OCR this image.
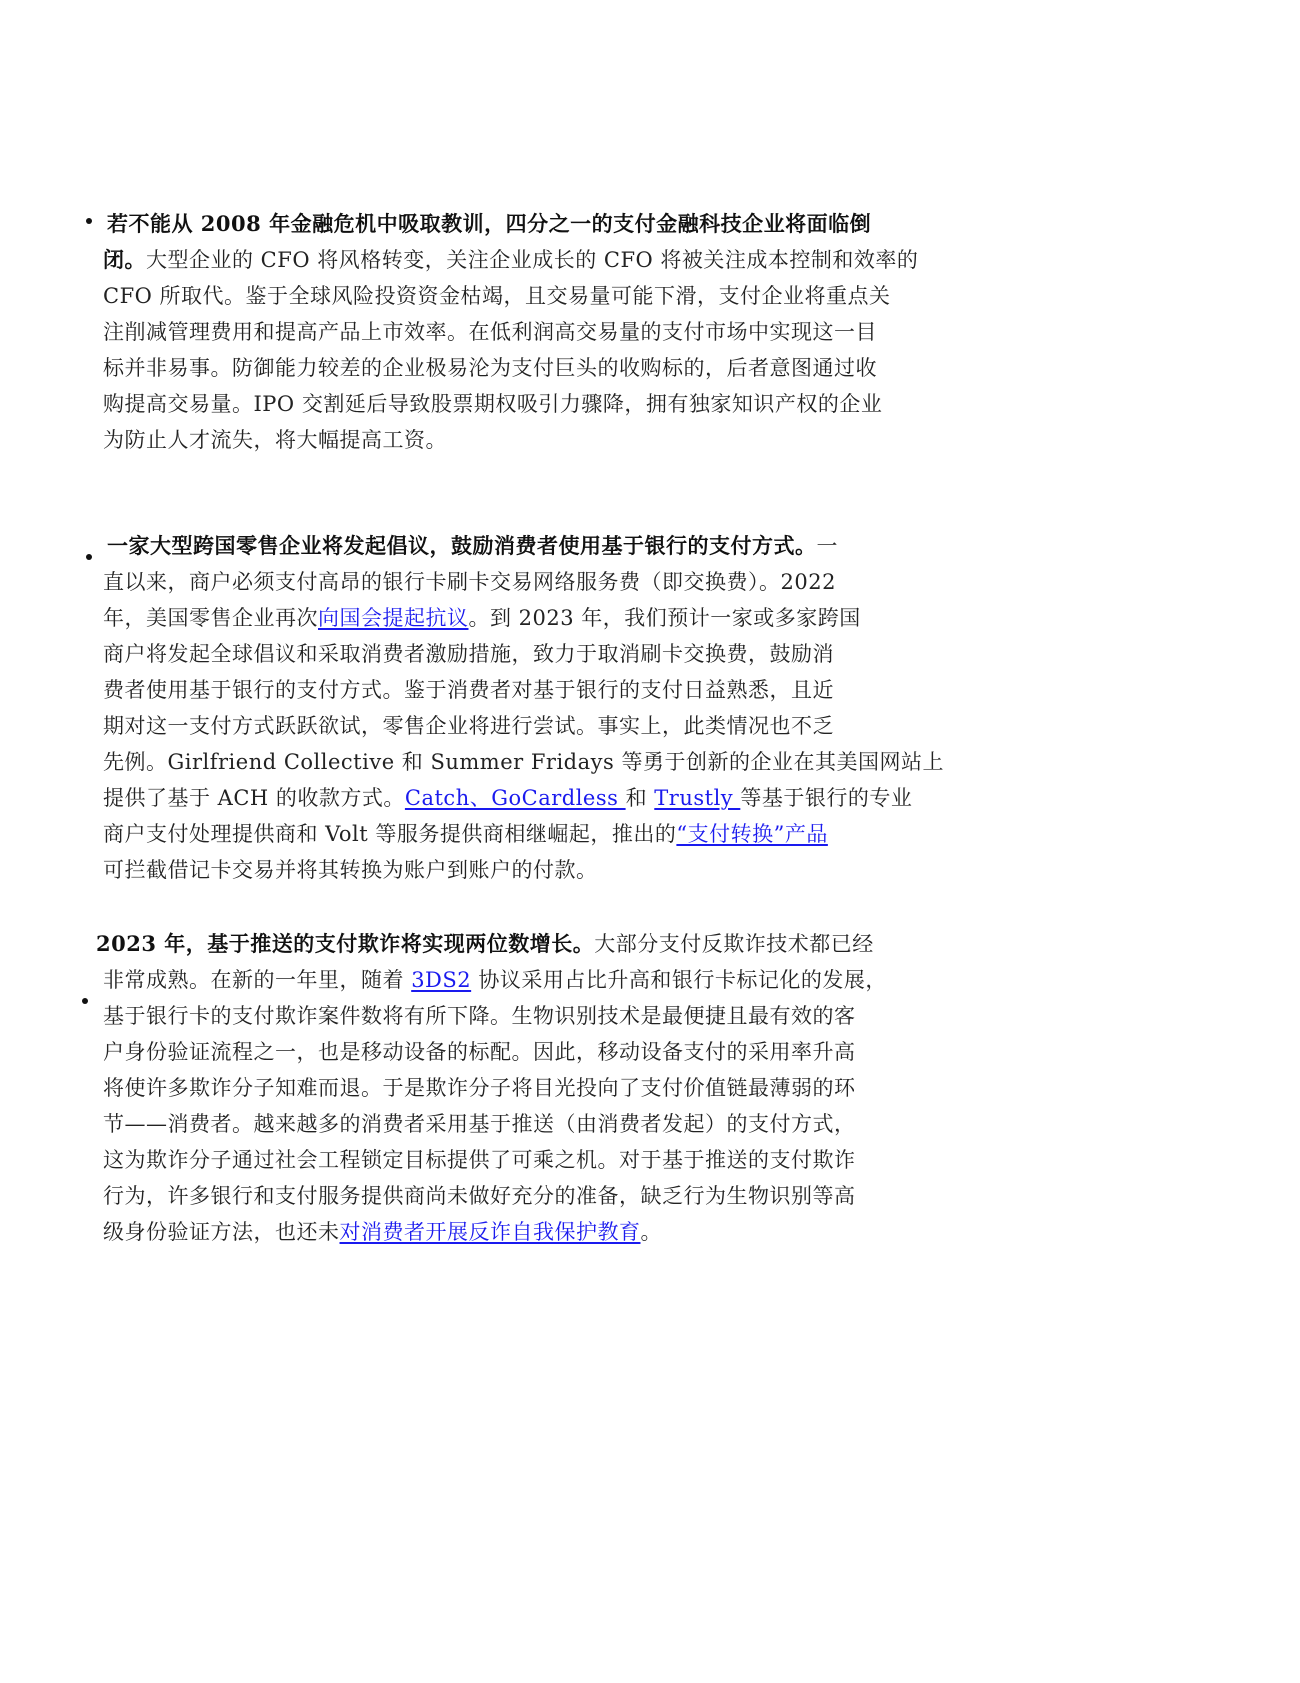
若不能从 2008 年金融危机中吸取教训，四分之一的支付金融科技企业将面临倒
闭。大型企业的 CFO 将风格转变，关注企业成长的 CFO 将被关注成本控制和效率的
CFO 所取代。鉴于全球风险投资资金枯竭，且交易量可能下滑，支付企业将重点关
注削减管理费用和提高产品上市效率。在低利润高交易量的支付市场中实现这一目
标并非易事。防御能力较差的企业极易沦为支付巨头的收购标的，后者意图通过收
购提高交易量。IPO 交割延后导致股票期权吸引力骤降，拥有独家知识产权的企业
为防止人才流失，将大幅提高工资。
一家大型跨国零售企业将发起倡议，鼓励消费者使用基于银行的支付方式。一
直以来，商户必须支付高昂的银行卡刷卡交易网络服务费（即交换费）。2022
年，美国零售企业再次向国会提起抗议。到 2023 年，我们预计一家或多家跨国
商户将发起全球倡议和采取消费者激励措施，致力于取消刷卡交换费，鼓励消
费者使用基于银行的支付方式。鉴于消费者对基于银行的支付日益熟悉，且近
期对这一支付方式跃跃欲试，零售企业将进行尝试。事实上，此类情况也不乏
先例。Girlfriend Collective 和 Summer Fridays 等勇于创新的企业在其美国网站上
提供了基于 ACH 的收款方式。Catch、GoCardless 和 Trustly 等基于银行的专业
商户支付处理提供商和 Volt 等服务提供商相继崛起，推出的“支付转换”产品
可拦截借记卡交易并将其转换为账户到账户的付款。
2023 年，基于推送的支付欺诈将实现两位数增长。大部分支付反欺诈技术都已经
非常成熟。在新的一年里，随着 3DS2 协议采用占比升高和银行卡标记化的发展，
基于银行卡的支付欺诈案件数将有所下降。生物识别技术是最便捷且最有效的客
户身份验证流程之一，也是移动设备的标配。因此，移动设备支付的采用率升高
将使许多欺诈分子知难而退。于是欺诈分子将目光投向了支付价值链最薄弱的环
节——消费者。越来越多的消费者采用基于推送（由消费者发起）的支付方式，
这为欺诈分子通过社会工程锁定目标提供了可乘之机。对于基于推送的支付欺诈
行为，许多银行和支付服务提供商尚未做好充分的准备，缺乏行为生物识别等高
级身份验证方法，也还未对消费者开展反诈自我保护教育。
